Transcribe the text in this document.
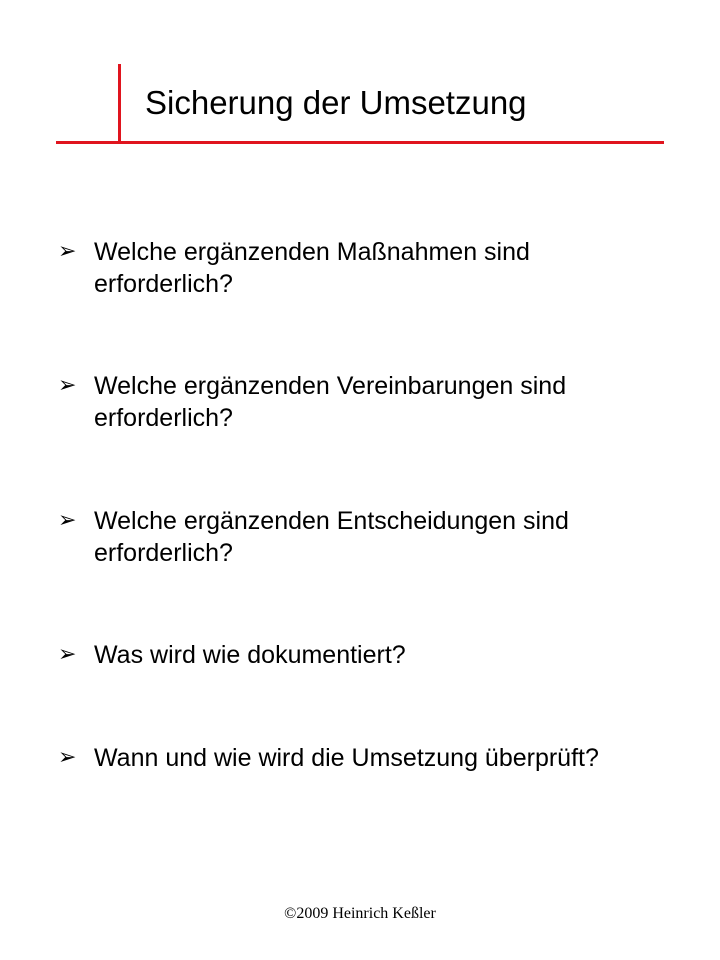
Sicherung der Umsetzung
➢ Welche ergänzenden Maßnahmen sind erforderlich?
➢ Welche ergänzenden Vereinbarungen sind erforderlich?
➢ Welche ergänzenden Entscheidungen sind erforderlich?
➢ Was wird wie dokumentiert?
➢ Wann und wie wird die Umsetzung überprüft?
©2009 Heinrich Keßler
